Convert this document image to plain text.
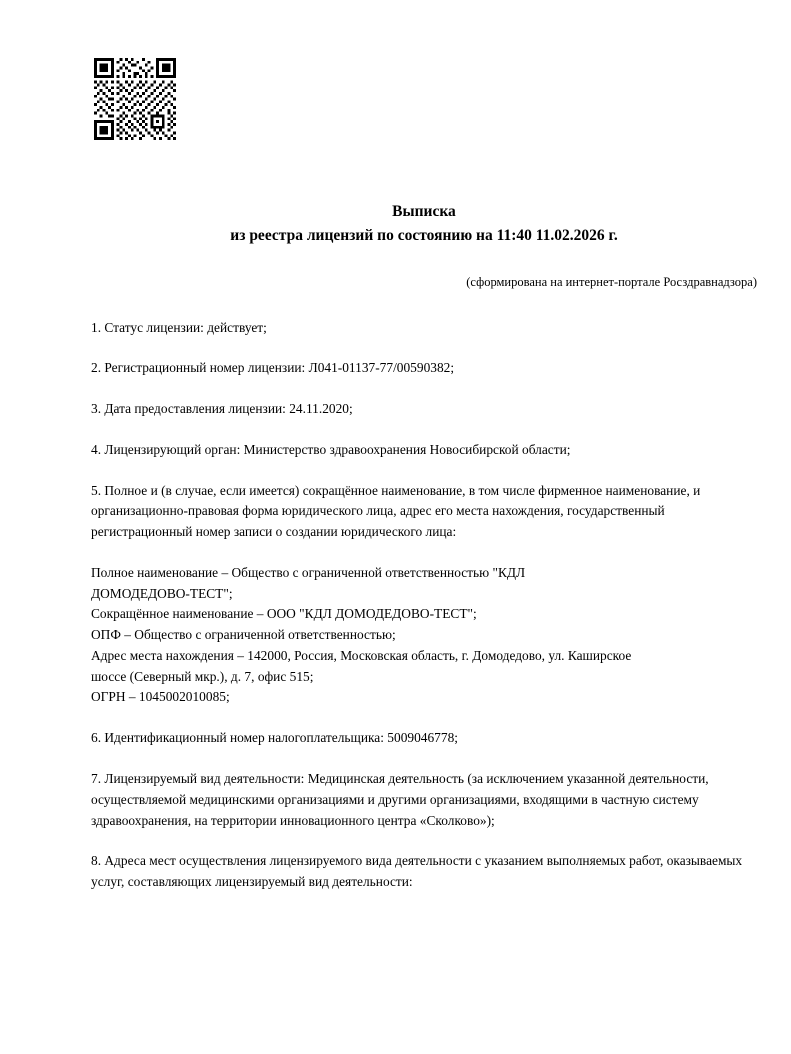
Выписка
из реестра лицензий по состоянию на 11:40 11.02.2026 г.
(сформирована на интернет-портале Росздравнадзора)

1. Статус лицензии: действует;

2. Регистрационный номер лицензии: Л041-01137-77/00590382;

3. Дата предоставления лицензии: 24.11.2020;

4. Лицензирующий орган: Министерство здравоохранения Новосибирской области;

5. Полное и (в случае, если имеется) сокращённое наименование, в том числе фирменное наименование, и организационно-правовая форма юридического лица, адрес его места нахождения, государственный регистрационный номер записи о создании юридического лица:

Полное наименование – Общество с ограниченной ответственностью "КДЛ
ДОМОДЕДОВО-ТЕСТ";
Сокращённое наименование – ООО "КДЛ ДОМОДЕДОВО-ТЕСТ";
ОПФ – Общество с ограниченной ответственностью;
Адрес места нахождения – 142000, Россия, Московская область, г. Домодедово, ул. Каширское
шоссе (Северный мкр.), д. 7, офис 515;
ОГРН – 1045002010085;

6. Идентификационный номер налогоплательщика: 5009046778;

7. Лицензируемый вид деятельности: Медицинская деятельность (за исключением указанной деятельности, осуществляемой медицинскими организациями и другими организациями, входящими в частную систему здравоохранения, на территории инновационного центра «Сколково»);

8. Адреса мест осуществления лицензируемого вида деятельности с указанием выполняемых работ, оказываемых услуг, составляющих лицензируемый вид деятельности:
